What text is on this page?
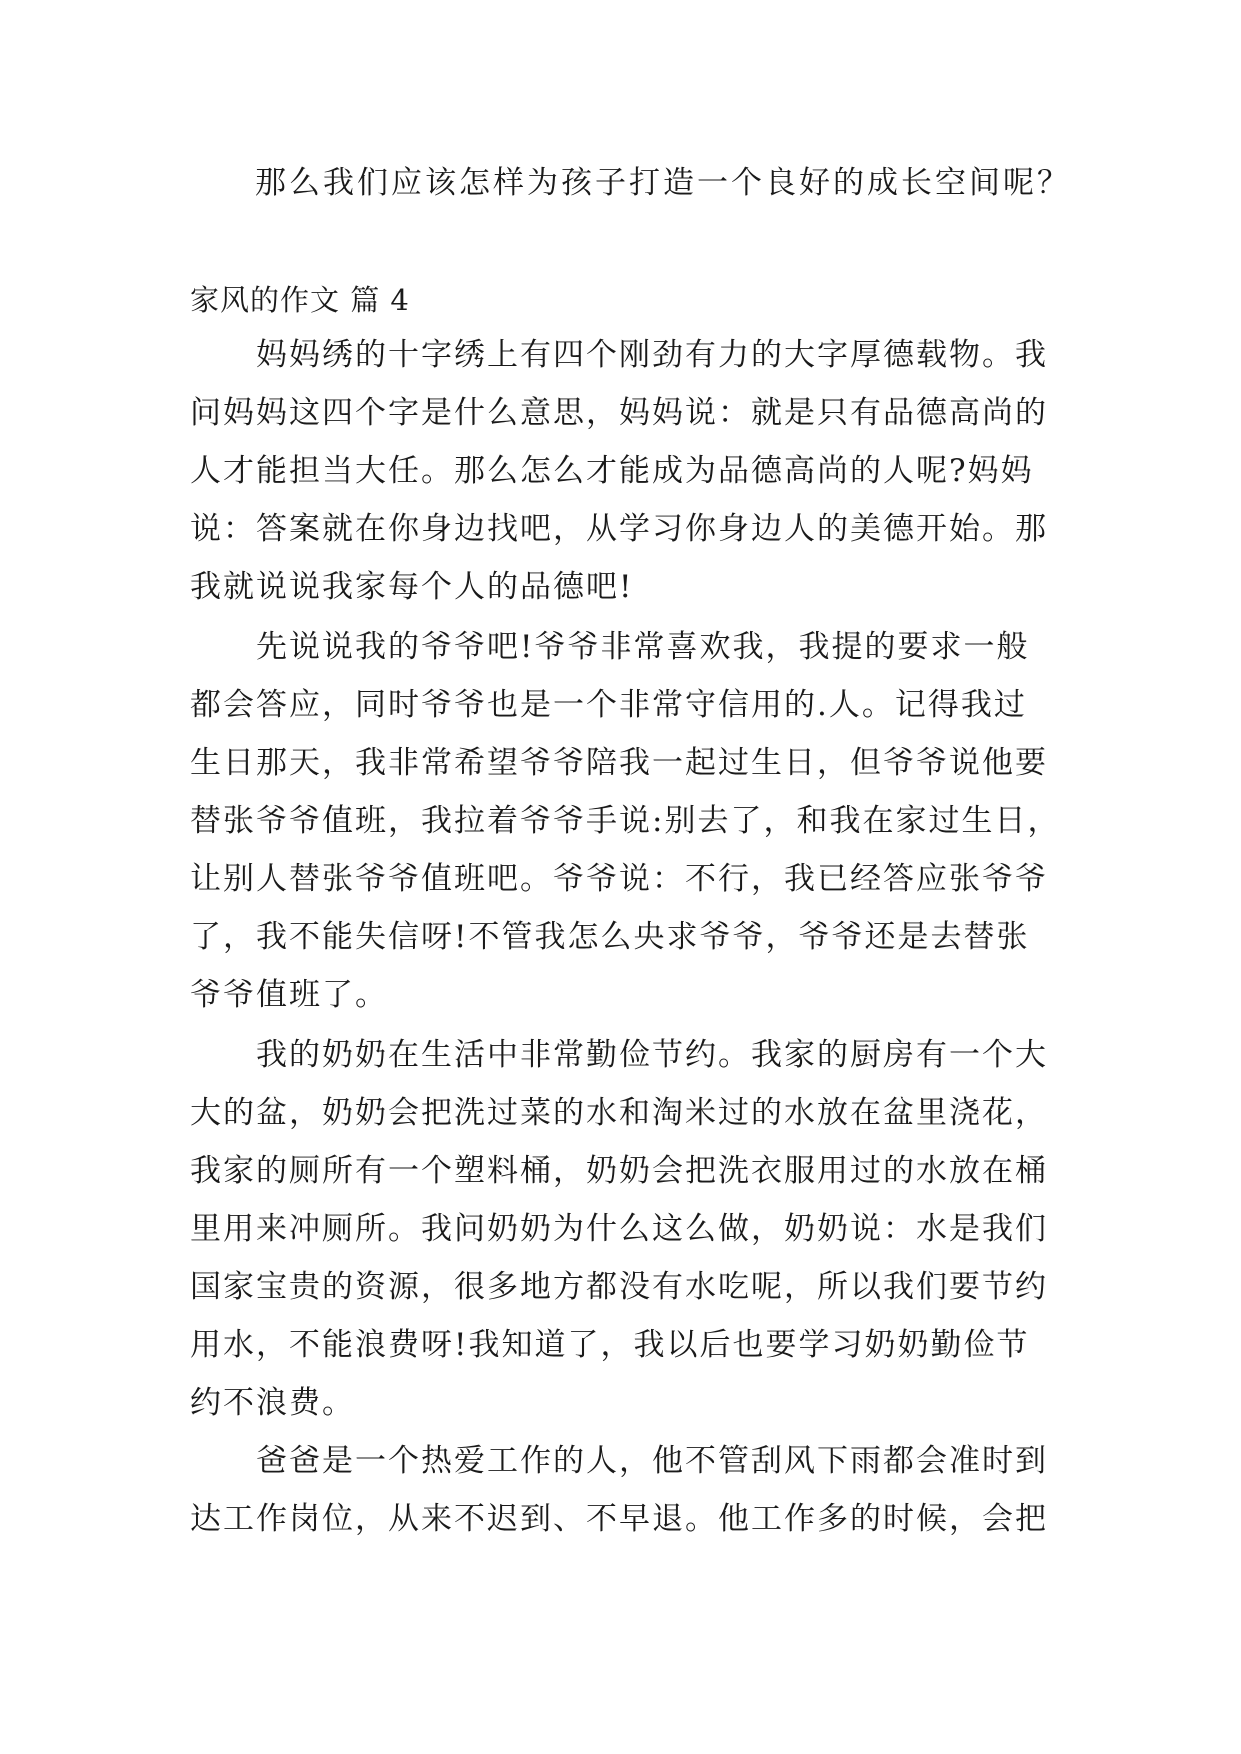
那么我们应该怎样为孩子打造一个良好的成长空间呢？
家风的作文 篇 4
妈妈绣的十字绣上有四个刚劲有力的大字厚德载物。我
问妈妈这四个字是什么意思，妈妈说：就是只有品德高尚的
人才能担当大任。那么怎么才能成为品德高尚的人呢?妈妈
说：答案就在你身边找吧，从学习你身边人的美德开始。那
我就说说我家每个人的品德吧!
先说说我的爷爷吧!爷爷非常喜欢我，我提的要求一般
都会答应，同时爷爷也是一个非常守信用的.人。记得我过
生日那天，我非常希望爷爷陪我一起过生日，但爷爷说他要
替张爷爷值班，我拉着爷爷手说:别去了，和我在家过生日，
让别人替张爷爷值班吧。爷爷说：不行，我已经答应张爷爷
了，我不能失信呀!不管我怎么央求爷爷，爷爷还是去替张
爷爷值班了。
我的奶奶在生活中非常勤俭节约。我家的厨房有一个大
大的盆，奶奶会把洗过菜的水和淘米过的水放在盆里浇花，
我家的厕所有一个塑料桶，奶奶会把洗衣服用过的水放在桶
里用来冲厕所。我问奶奶为什么这么做，奶奶说：水是我们
国家宝贵的资源，很多地方都没有水吃呢，所以我们要节约
用水，不能浪费呀!我知道了，我以后也要学习奶奶勤俭节
约不浪费。
爸爸是一个热爱工作的人，他不管刮风下雨都会准时到
达工作岗位，从来不迟到、不早退。他工作多的时候，会把
